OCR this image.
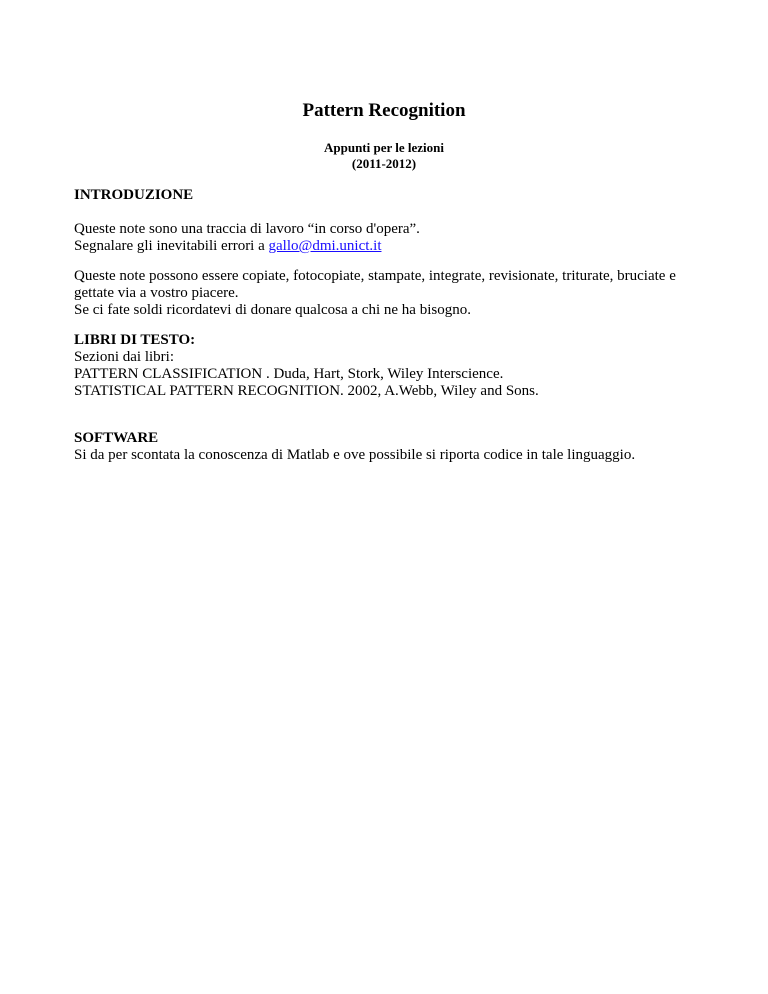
Pattern Recognition
Appunti per le lezioni
(2011-2012)
INTRODUZIONE
Queste note sono una traccia di lavoro “in corso d'opera”.
Segnalare gli inevitabili errori a gallo@dmi.unict.it
Queste note possono essere copiate, fotocopiate, stampate, integrate, revisionate, triturate, bruciate e
gettate via a vostro piacere.
Se ci fate soldi ricordatevi di donare qualcosa a chi ne ha bisogno.
LIBRI DI TESTO:
Sezioni dai libri:
PATTERN CLASSIFICATION . Duda, Hart, Stork, Wiley Interscience.
STATISTICAL PATTERN RECOGNITION. 2002, A.Webb, Wiley and Sons.
SOFTWARE
Si da per scontata la conoscenza di Matlab e ove possibile si riporta codice in tale linguaggio.
